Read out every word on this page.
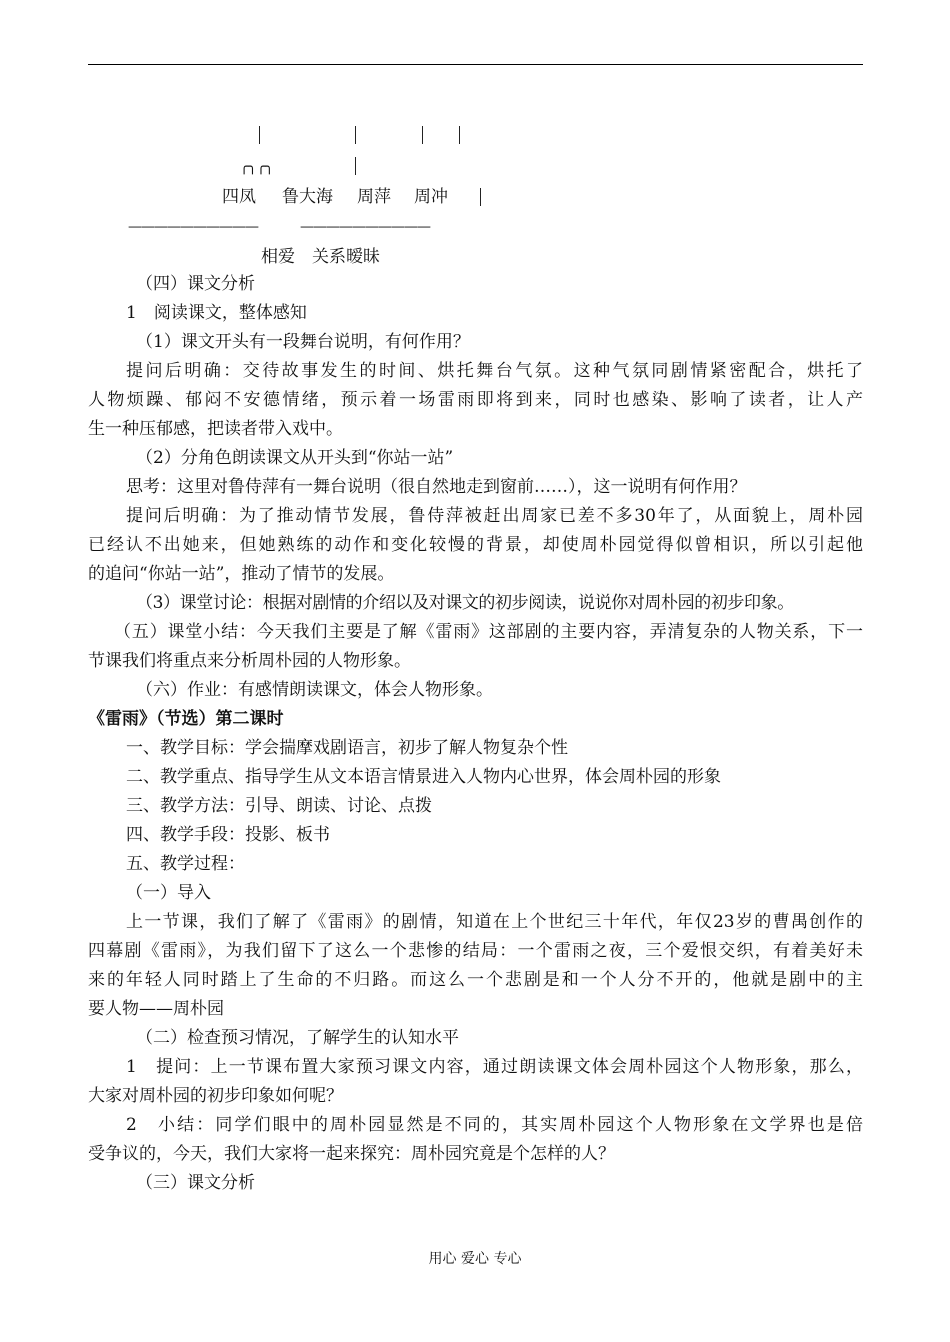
╭╮╭╮
四凤 鲁大海 周萍 周冲
——————————	——————————
相爱　关系暧昧
（四）课文分析
1　阅读课文，整体感知
（1）课文开头有一段舞台说明，有何作用？
提问后明确：交待故事发生的时间、烘托舞台气氛。这种气氛同剧情紧密配合，烘托了
人物烦躁、郁闷不安德情绪，预示着一场雷雨即将到来，同时也感染、影响了读者，让人产
生一种压郁感，把读者带入戏中。
（2）分角色朗读课文从开头到“你站一站”
思考：这里对鲁侍萍有一舞台说明（很自然地走到窗前……），这一说明有何作用？
提问后明确：为了推动情节发展，鲁侍萍被赶出周家已差不多30年了，从面貌上，周朴园
已经认不出她来，但她熟练的动作和变化较慢的背景，却使周朴园觉得似曾相识，所以引起他
的追问“你站一站”，推动了情节的发展。
（3）课堂讨论：根据对剧情的介绍以及对课文的初步阅读，说说你对周朴园的初步印象。
（五）课堂小结：今天我们主要是了解《雷雨》这部剧的主要内容，弄清复杂的人物关系，下一
节课我们将重点来分析周朴园的人物形象。
（六）作业：有感情朗读课文，体会人物形象。
《雷雨》（节选）第二课时
一、教学目标：学会揣摩戏剧语言，初步了解人物复杂个性
二、教学重点、指导学生从文本语言情景进入人物内心世界，体会周朴园的形象
三、教学方法：引导、朗读、讨论、点拨
四、教学手段：投影、板书
五、教学过程：
（一）导入
上一节课，我们了解了《雷雨》的剧情，知道在上个世纪三十年代，年仅23岁的曹禺创作的
四幕剧《雷雨》，为我们留下了这么一个悲惨的结局：一个雷雨之夜，三个爱恨交织，有着美好未
来的年轻人同时踏上了生命的不归路。而这么一个悲剧是和一个人分不开的，他就是剧中的主
要人物——周朴园
（二）检查预习情况，了解学生的认知水平
1　提问：上一节课布置大家预习课文内容，通过朗读课文体会周朴园这个人物形象，那么，
大家对周朴园的初步印象如何呢？
2　小结：同学们眼中的周朴园显然是不同的，其实周朴园这个人物形象在文学界也是倍
受争议的，今天，我们大家将一起来探究：周朴园究竟是个怎样的人？
（三）课文分析
用心 爱心 专心
